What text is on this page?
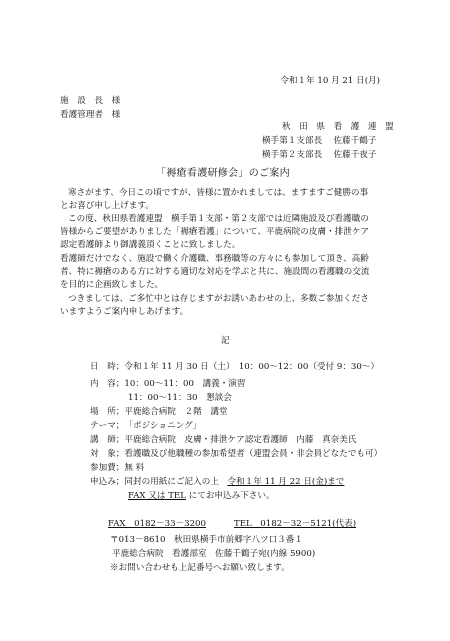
令和１年 10 月 21 日(月)
施　設　長　様
看護管理者　様
秋　田　県　看　護　連　盟
横手第１支部長　 佐藤千鶴子
横手第２支部長　 佐藤千夜子
「褥瘡看護研修会」のご案内
寒さがます、今日この頃ですが、皆様に置かれましては、ますますご健勝の事
とお喜び申し上げます。
この度、秋田県看護連盟　横手第１支部・第２支部では近隣施設及び看護職の
皆様からご要望がありました「褥瘡看護」について、平鹿病院の皮膚・排泄ケア
認定看護師より御講義頂くことに致しました。
看護師だけでなく、施設で働く介護職、事務職等の方々にも参加して頂き、高齢
者、特に褥瘡のある方に対する適切な対応を学ぶと共に、施設間の看護職の交流
を目的に企画致しました。
つきましては、ご多忙中とは存じますがお誘いあわせの上、多数ご参加くださ
いますようご案内申しあげます。
記
日　時；令和１年 11 月 30 日（土）　10：00～12：00（受付 9：30～）
内　容；10：00～11：00　講義・演習
11：00～11：30　懇談会
場　所；平鹿総合病院　２階　講堂
テーマ；「ポジショニング」
講　師；平鹿総合病院　皮膚・排泄ケア認定看護師　内藤　真奈美氏
対　象；看護職及び他職種の参加希望者（連盟会員・非会員どなたでも可）
参加費；無 料
申込み；同封の用紙にご記入の上　令和１年 11 月 22 日(金)まで
FAX 又は TEL にてお申込み下さい。
FAX　0182－33－3200	TEL　0182－32－5121(代表)
〒013－8610　秋田県横手市前郷字八ツ口３番１
平鹿総合病院　看護部室　佐藤千鶴子宛(内線 5900)
※お問い合わせも上記番号へお願い致します。
